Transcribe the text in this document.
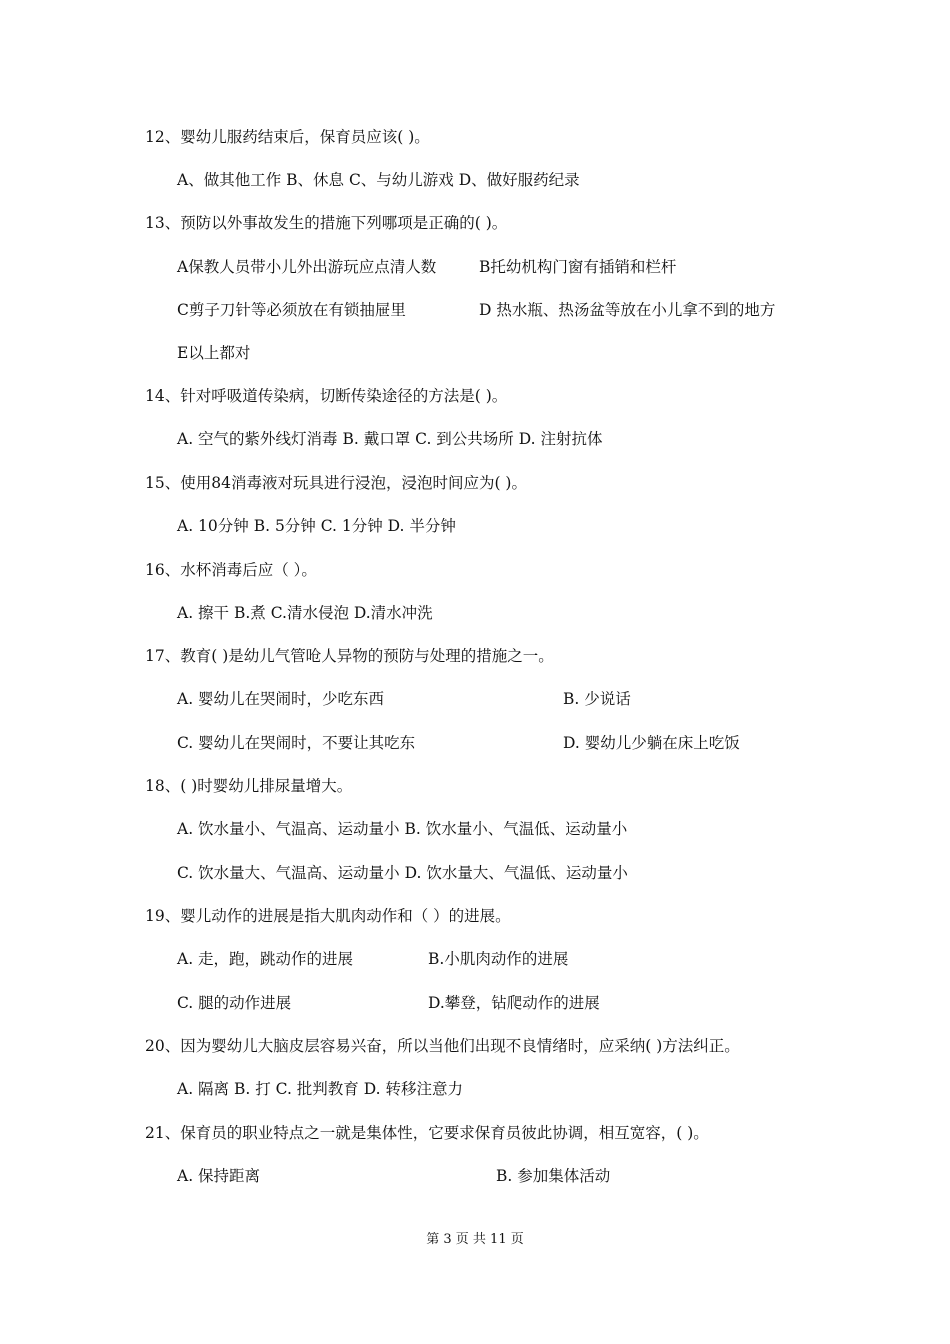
12、婴幼儿服药结束后，保育员应该( )。
A、做其他工作 B、休息 C、与幼儿游戏 D、做好服药纪录
13、预防以外事故发生的措施下列哪项是正确的( )。
A保教人员带小儿外出游玩应点清人数	B托幼机构门窗有插销和栏杆
C剪子刀针等必须放在有锁抽屉里	D 热水瓶、热汤盆等放在小儿拿不到的地方
E以上都对
14、针对呼吸道传染病，切断传染途径的方法是( )。
A. 空气的紫外线灯消毒 B. 戴口罩 C. 到公共场所 D. 注射抗体
15、使用84消毒液对玩具进行浸泡，浸泡时间应为( )。
A. 10分钟 B. 5分钟 C. 1分钟 D. 半分钟
16、水杯消毒后应（ ）。
A. 擦干 B.煮 C.清水侵泡 D.清水冲洗
17、教育( )是幼儿气管呛人异物的预防与处理的措施之一。
A. 婴幼儿在哭闹时，少吃东西	B. 少说话
C. 婴幼儿在哭闹时，不要让其吃东	D. 婴幼儿少躺在床上吃饭
18、( )时婴幼儿排尿量增大。
A. 饮水量小、气温高、运动量小 B. 饮水量小、气温低、运动量小
C. 饮水量大、气温高、运动量小 D. 饮水量大、气温低、运动量小
19、婴儿动作的进展是指大肌肉动作和（ ）的进展。
A. 走，跑，跳动作的进展	B.小肌肉动作的进展
C. 腿的动作进展	D.攀登，钻爬动作的进展
20、因为婴幼儿大脑皮层容易兴奋，所以当他们出现不良情绪时，应采纳( )方法纠正。
A. 隔离 B. 打 C. 批判教育 D. 转移注意力
21、保育员的职业特点之一就是集体性，它要求保育员彼此协调，相互宽容，( )。
A. 保持距离	B. 参加集体活动
第 3 页 共 11 页
